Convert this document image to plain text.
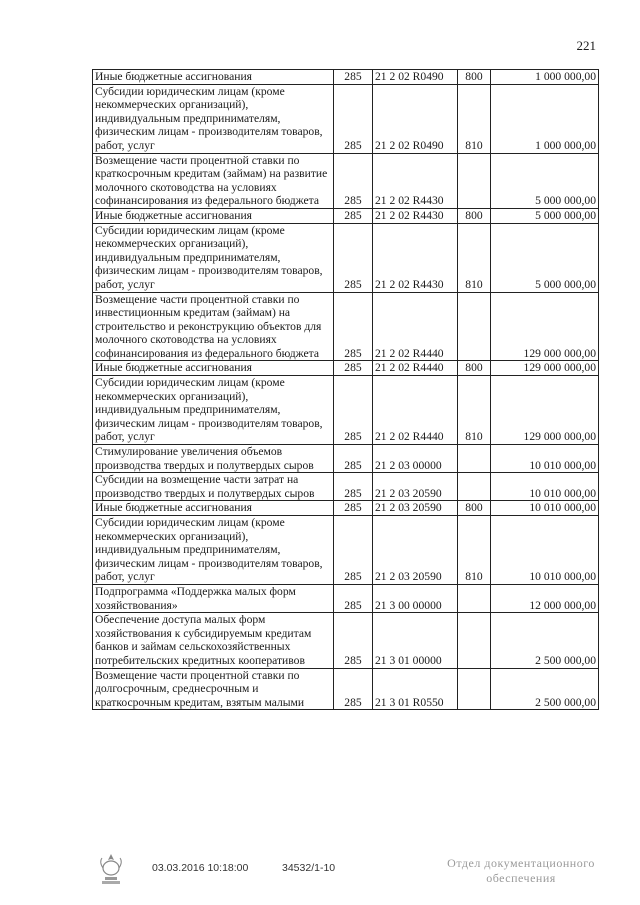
221
Иные бюджетные ассигнования	285	21 2 02 R0490	800	1 000 000,00
Субсидии юридическим лицам (кроме некоммерческих организаций), индивидуальным предпринимателям, физическим лицам - производителям товаров, работ, услуг	285	21 2 02 R0490	810	1 000 000,00
Возмещение части процентной ставки по краткосрочным кредитам (займам) на развитие молочного скотоводства на условиях софинансирования из федерального бюджета	285	21 2 02 R4430		5 000 000,00
Иные бюджетные ассигнования	285	21 2 02 R4430	800	5 000 000,00
Субсидии юридическим лицам (кроме некоммерческих организаций), индивидуальным предпринимателям, физическим лицам - производителям товаров, работ, услуг	285	21 2 02 R4430	810	5 000 000,00
Возмещение части процентной ставки по инвестиционным кредитам (займам) на строительство и реконструкцию объектов для молочного скотоводства на условиях софинансирования из федерального бюджета	285	21 2 02 R4440		129 000 000,00
Иные бюджетные ассигнования	285	21 2 02 R4440	800	129 000 000,00
Субсидии юридическим лицам (кроме некоммерческих организаций), индивидуальным предпринимателям, физическим лицам - производителям товаров, работ, услуг	285	21 2 02 R4440	810	129 000 000,00
Стимулирование увеличения объемов производства твердых и полутвердых сыров	285	21 2 03 00000		10 010 000,00
Субсидии на возмещение части затрат на производство твердых и полутвердых сыров	285	21 2 03 20590		10 010 000,00
Иные бюджетные ассигнования	285	21 2 03 20590	800	10 010 000,00
Субсидии юридическим лицам (кроме некоммерческих организаций), индивидуальным предпринимателям, физическим лицам - производителям товаров, работ, услуг	285	21 2 03 20590	810	10 010 000,00
Подпрограмма «Поддержка малых форм хозяйствования»	285	21 3 00 00000		12 000 000,00
Обеспечение доступа малых форм хозяйствования к субсидируемым кредитам банков и займам сельскохозяйственных потребительских кредитных кооперативов	285	21 3 01 00000		2 500 000,00
Возмещение части процентной ставки по долгосрочным, среднесрочным и краткосрочным кредитам, взятым малыми	285	21 3 01 R0550		2 500 000,00
03.03.2016 10:18:00	34532/1-10	Отдел документационного
обеспечения
